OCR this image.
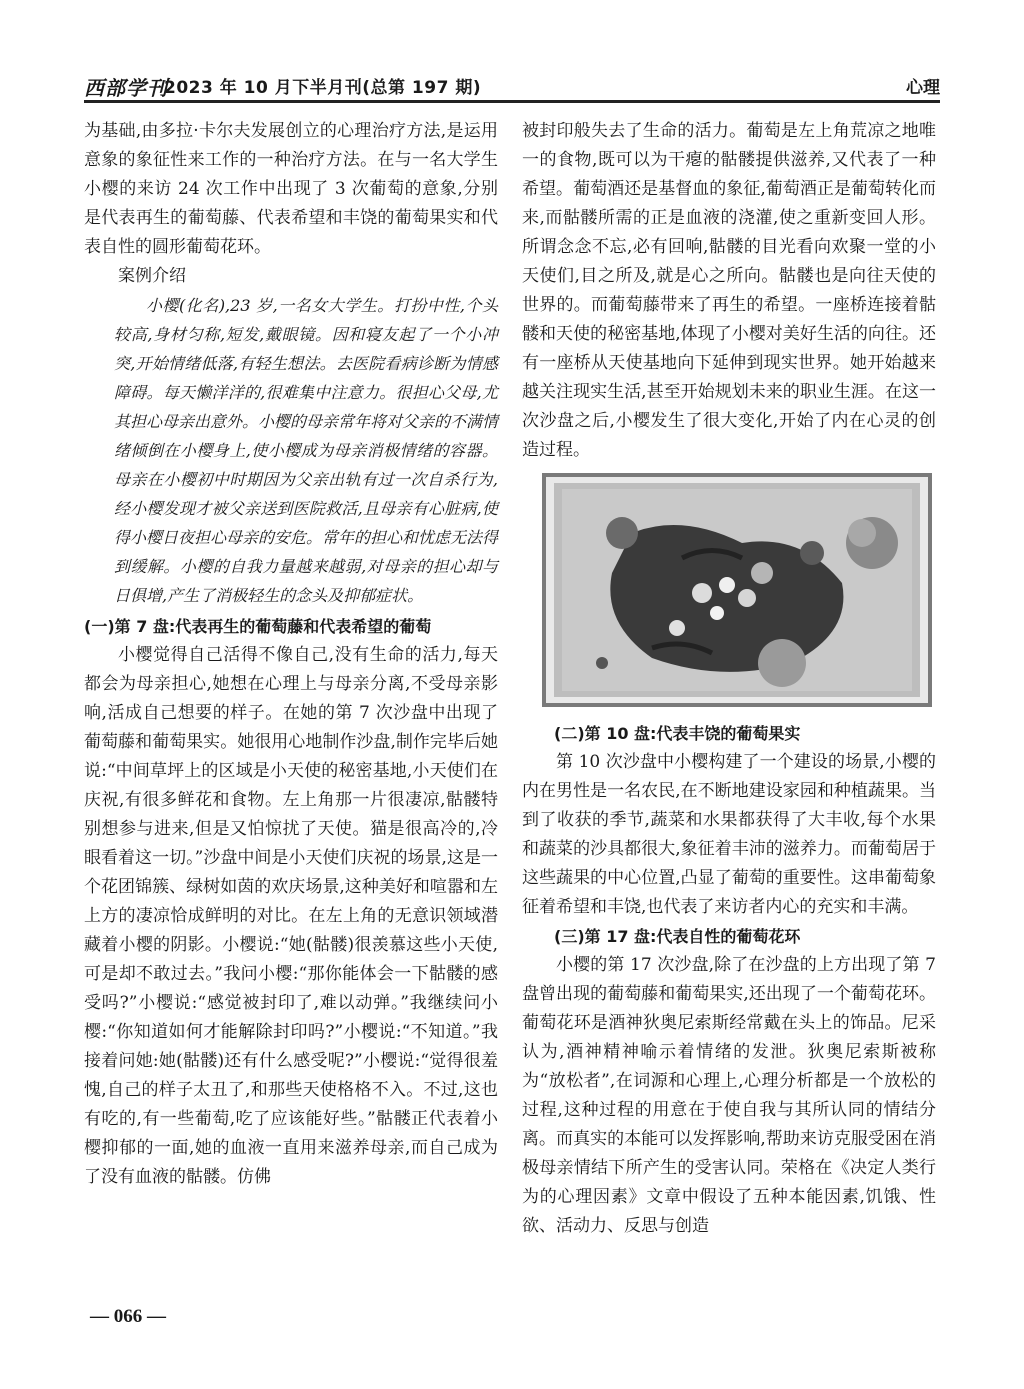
西部学刊
2023 年 10 月下半月刊(总第 197 期)	心理

为基础,由多拉·卡尔夫发展创立的心理治疗方法,是运用意象的象征性来工作的一种治疗方法。在与一名大学生小樱的来访 24 次工作中出现了 3 次葡萄的意象,分别是代表再生的葡萄藤、代表希望和丰饶的葡萄果实和代表自性的圆形葡萄花环。

案例介绍

小樱(化名),23 岁,一名女大学生。打扮中性,个头较高,身材匀称,短发,戴眼镜。因和寝友起了一个小冲突,开始情绪低落,有轻生想法。去医院看病诊断为情感障碍。每天懒洋洋的,很难集中注意力。很担心父母,尤其担心母亲出意外。小樱的母亲常年将对父亲的不满情绪倾倒在小樱身上,使小樱成为母亲消极情绪的容器。母亲在小樱初中时期因为父亲出轨有过一次自杀行为,经小樱发现才被父亲送到医院救活,且母亲有心脏病,使得小樱日夜担心母亲的安危。常年的担心和忧虑无法得到缓解。小樱的自我力量越来越弱,对母亲的担心却与日俱增,产生了消极轻生的念头及抑郁症状。

(一)第 7 盘:代表再生的葡萄藤和代表希望的葡萄

小樱觉得自己活得不像自己,没有生命的活力,每天都会为母亲担心,她想在心理上与母亲分离,不受母亲影响,活成自己想要的样子。在她的第 7 次沙盘中出现了葡萄藤和葡萄果实。她很用心地制作沙盘,制作完毕后她说:“中间草坪上的区域是小天使的秘密基地,小天使们在庆祝,有很多鲜花和食物。左上角那一片很凄凉,骷髅特别想参与进来,但是又怕惊扰了天使。猫是很高冷的,冷眼看着这一切。”沙盘中间是小天使们庆祝的场景,这是一个花团锦簇、绿树如茵的欢庆场景,这种美好和喧嚣和左上方的凄凉恰成鲜明的对比。在左上角的无意识领域潜藏着小樱的阴影。小樱说:“她(骷髅)很羡慕这些小天使,可是却不敢过去。”我问小樱:“那你能体会一下骷髅的感受吗?”小樱说:“感觉被封印了,难以动弹。”我继续问小樱:“你知道如何才能解除封印吗?”小樱说:“不知道。”我接着问她:她(骷髅)还有什么感受呢?”小樱说:“觉得很羞愧,自己的样子太丑了,和那些天使格格不入。不过,这也有吃的,有一些葡萄,吃了应该能好些。”骷髅正代表着小樱抑郁的一面,她的血液一直用来滋养母亲,而自己成为了没有血液的骷髅。仿佛

被封印般失去了生命的活力。葡萄是左上角荒凉之地唯一的食物,既可以为干瘪的骷髅提供滋养,又代表了一种希望。葡萄酒还是基督血的象征,葡萄酒正是葡萄转化而来,而骷髅所需的正是血液的浇灌,使之重新变回人形。所谓念念不忘,必有回响,骷髅的目光看向欢聚一堂的小天使们,目之所及,就是心之所向。骷髅也是向往天使的世界的。而葡萄藤带来了再生的希望。一座桥连接着骷髅和天使的秘密基地,体现了小樱对美好生活的向往。还有一座桥从天使基地向下延伸到现实世界。她开始越来越关注现实生活,甚至开始规划未来的职业生涯。在这一次沙盘之后,小樱发生了很大变化,开始了内在心灵的创造过程。

(二)第 10 盘:代表丰饶的葡萄果实

第 10 次沙盘中小樱构建了一个建设的场景,小樱的内在男性是一名农民,在不断地建设家园和种植蔬果。当到了收获的季节,蔬菜和水果都获得了大丰收,每个水果和蔬菜的沙具都很大,象征着丰沛的滋养力。而葡萄居于这些蔬果的中心位置,凸显了葡萄的重要性。这串葡萄象征着希望和丰饶,也代表了来访者内心的充实和丰满。

(三)第 17 盘:代表自性的葡萄花环

小樱的第 17 次沙盘,除了在沙盘的上方出现了第 7 盘曾出现的葡萄藤和葡萄果实,还出现了一个葡萄花环。葡萄花环是酒神狄奥尼索斯经常戴在头上的饰品。尼采认为,酒神精神喻示着情绪的发泄。狄奥尼索斯被称为“放松者”,在词源和心理上,心理分析都是一个放松的过程,这种过程的用意在于使自我与其所认同的情结分离。而真实的本能可以发挥影响,帮助来访克服受困在消极母亲情结下所产生的受害认同。荣格在《决定人类行为的心理因素》文章中假设了五种本能因素,饥饿、性欲、活动力、反思与创造

— 066 —
